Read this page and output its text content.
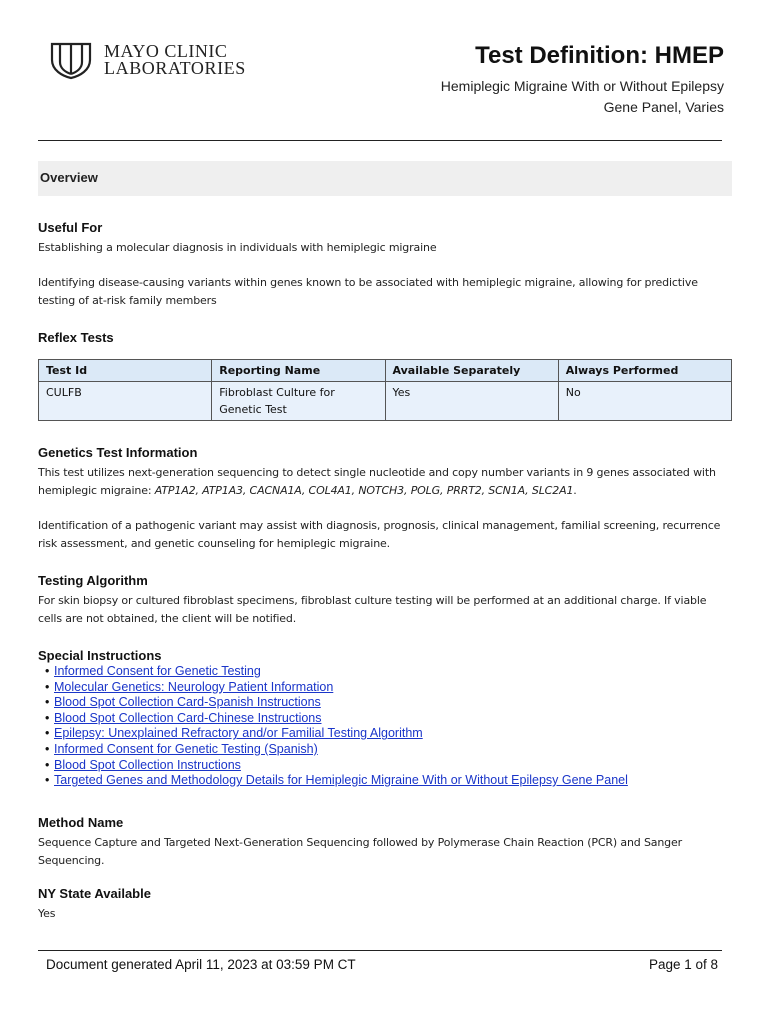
MAYO CLINIC
LABORATORIES	Test Definition: HMEP
Hemiplegic Migraine With or Without Epilepsy
Gene Panel, Varies
Overview
Useful For
Establishing a molecular diagnosis in individuals with hemiplegic migraine
Identifying disease-causing variants within genes known to be associated with hemiplegic migraine, allowing for predictive testing of at-risk family members
Reflex Tests
Test Id	Reporting Name	Available Separately	Always Performed
CULFB	Fibroblast Culture for Genetic Test	Yes	No
Genetics Test Information
This test utilizes next-generation sequencing to detect single nucleotide and copy number variants in 9 genes associated with hemiplegic migraine: ATP1A2, ATP1A3, CACNA1A, COL4A1, NOTCH3, POLG, PRRT2, SCN1A, SLC2A1.
Identification of a pathogenic variant may assist with diagnosis, prognosis, clinical management, familial screening, recurrence risk assessment, and genetic counseling for hemiplegic migraine.
Testing Algorithm
For skin biopsy or cultured fibroblast specimens, fibroblast culture testing will be performed at an additional charge. If viable cells are not obtained, the client will be notified.
Special Instructions
• Informed Consent for Genetic Testing
• Molecular Genetics: Neurology Patient Information
• Blood Spot Collection Card-Spanish Instructions
• Blood Spot Collection Card-Chinese Instructions
• Epilepsy: Unexplained Refractory and/or Familial Testing Algorithm
• Informed Consent for Genetic Testing (Spanish)
• Blood Spot Collection Instructions
• Targeted Genes and Methodology Details for Hemiplegic Migraine With or Without Epilepsy Gene Panel
Method Name
Sequence Capture and Targeted Next-Generation Sequencing followed by Polymerase Chain Reaction (PCR) and Sanger Sequencing.
NY State Available
Yes
Document generated April 11, 2023 at 03:59 PM CT	Page 1 of 8
